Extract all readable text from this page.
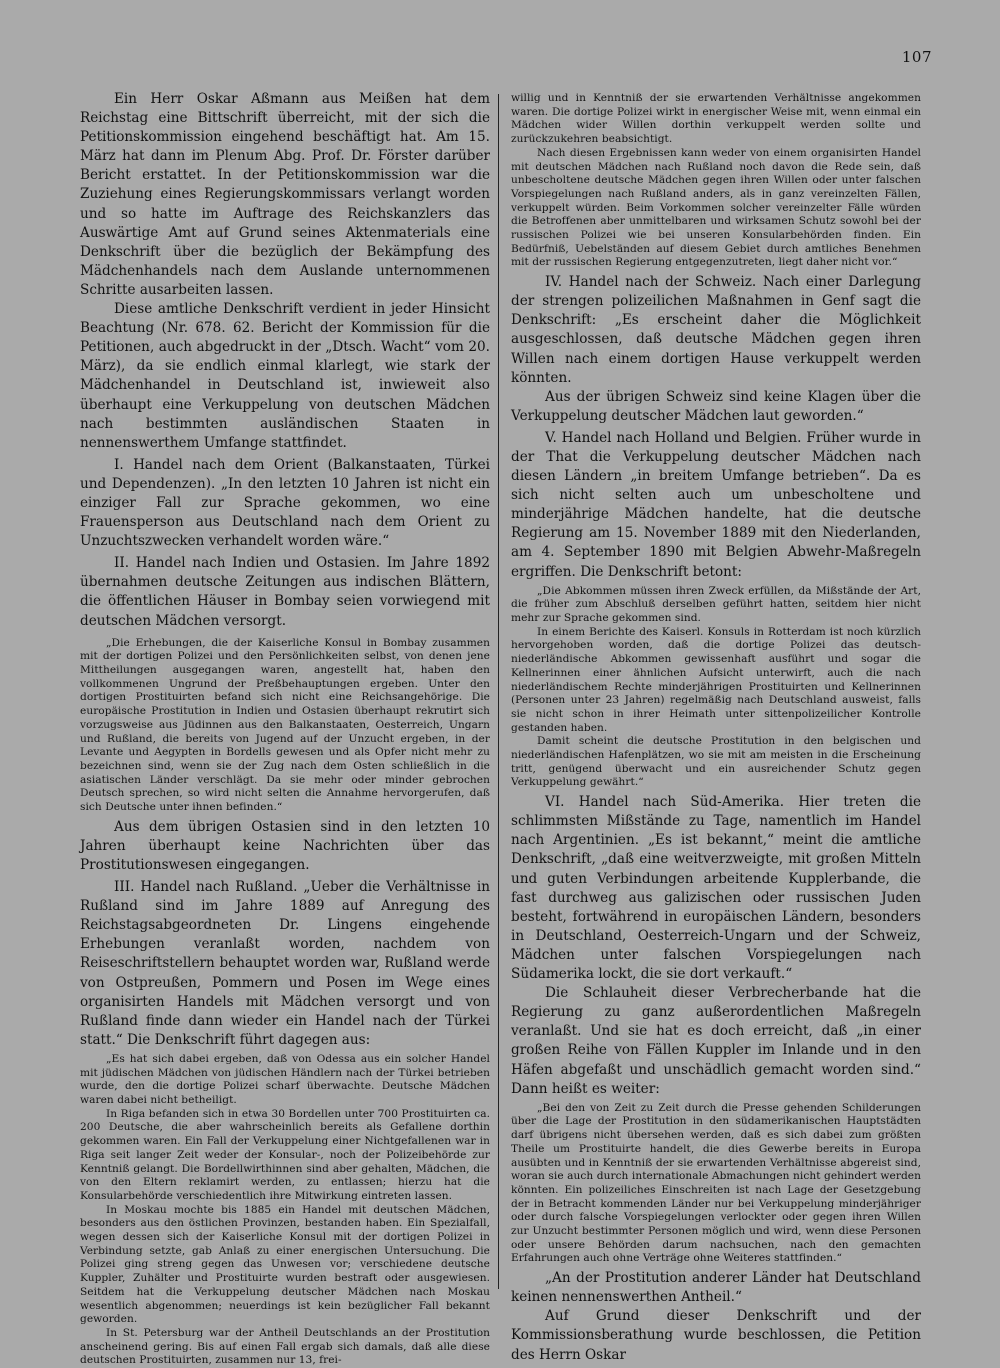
107

Ein Herr Oskar Aßmann aus Meißen hat dem Reichstag eine Bittschrift überreicht, mit der sich die Petitionskommission eingehend beschäftigt hat. Am 15. März hat dann im Plenum Abg. Prof. Dr. Förster darüber Bericht erstattet. In der Petitionskommission war die Zuziehung eines Regierungskommissars verlangt worden und so hatte im Auftrage des Reichskanzlers das Auswärtige Amt auf Grund seines Aktenmaterials eine Denkschrift über die bezüglich der Bekämpfung des Mädchenhandels nach dem Auslande unternommenen Schritte ausarbeiten lassen.

Diese amtliche Denkschrift verdient in jeder Hinsicht Beachtung (Nr. 678. 62. Bericht der Kommission für die Petitionen, auch abgedruckt in der „Dtsch. Wacht“ vom 20. März), da sie endlich einmal klarlegt, wie stark der Mädchenhandel in Deutschland ist, inwieweit also überhaupt eine Verkuppelung von deutschen Mädchen nach bestimmten ausländischen Staaten in nennenswerthem Umfange stattfindet.

I. Handel nach dem Orient (Balkanstaaten, Türkei und Dependenzen). „In den letzten 10 Jahren ist nicht ein einziger Fall zur Sprache gekommen, wo eine Frauensperson aus Deutschland nach dem Orient zu Unzuchtszwecken verhandelt worden wäre.“

II. Handel nach Indien und Ostasien. Im Jahre 1892 übernahmen deutsche Zeitungen aus indischen Blättern, die öffentlichen Häuser in Bombay seien vorwiegend mit deutschen Mädchen versorgt.

„Die Erhebungen, die der Kaiserliche Konsul in Bombay zusammen mit der dortigen Polizei und den Persönlichkeiten selbst, von denen jene Mittheilungen ausgegangen waren, angestellt hat, haben den vollkommenen Ungrund der Preßbehauptungen ergeben. Unter den dortigen Prostituirten befand sich nicht eine Reichsangehörige. Die europäische Prostitution in Indien und Ostasien überhaupt rekrutirt sich vorzugsweise aus Jüdinnen aus den Balkanstaaten, Oesterreich, Ungarn und Rußland, die bereits von Jugend auf der Unzucht ergeben, in der Levante und Aegypten in Bordells gewesen und als Opfer nicht mehr zu bezeichnen sind, wenn sie der Zug nach dem Osten schließlich in die asiatischen Länder verschlägt. Da sie mehr oder minder gebrochen Deutsch sprechen, so wird nicht selten die Annahme hervorgerufen, daß sich Deutsche unter ihnen befinden.“

Aus dem übrigen Ostasien sind in den letzten 10 Jahren überhaupt keine Nachrichten über das Prostitutionswesen eingegangen.

III. Handel nach Rußland. „Ueber die Verhältnisse in Rußland sind im Jahre 1889 auf Anregung des Reichstagsabgeordneten Dr. Lingens eingehende Erhebungen veranlaßt worden, nachdem von Reiseschriftstellern behauptet worden war, Rußland werde von Ostpreußen, Pommern und Posen im Wege eines organisirten Handels mit Mädchen versorgt und von Rußland finde dann wieder ein Handel nach der Türkei statt.“ Die Denkschrift führt dagegen aus:

„Es hat sich dabei ergeben, daß von Odessa aus ein solcher Handel mit jüdischen Mädchen von jüdischen Händlern nach der Türkei betrieben wurde, den die dortige Polizei scharf überwachte. Deutsche Mädchen waren dabei nicht betheiligt.

In Riga befanden sich in etwa 30 Bordellen unter 700 Prostituirten ca. 200 Deutsche, die aber wahrscheinlich bereits als Gefallene dorthin gekommen waren. Ein Fall der Verkuppelung einer Nichtgefallenen war in Riga seit langer Zeit weder der Konsular-, noch der Polizeibehörde zur Kenntniß gelangt. Die Bordellwirthinnen sind aber gehalten, Mädchen, die von den Eltern reklamirt werden, zu entlassen; hierzu hat die Konsularbehörde verschiedentlich ihre Mitwirkung eintreten lassen.

In Moskau mochte bis 1885 ein Handel mit deutschen Mädchen, besonders aus den östlichen Provinzen, bestanden haben. Ein Spezialfall, wegen dessen sich der Kaiserliche Konsul mit der dortigen Polizei in Verbindung setzte, gab Anlaß zu einer energischen Untersuchung. Die Polizei ging streng gegen das Unwesen vor; verschiedene deutsche Kuppler, Zuhälter und Prostituirte wurden bestraft oder ausgewiesen. Seitdem hat die Verkuppelung deutscher Mädchen nach Moskau wesentlich abgenommen; neuerdings ist kein bezüglicher Fall bekannt geworden.

In St. Petersburg war der Antheil Deutschlands an der Prostitution anscheinend gering. Bis auf einen Fall ergab sich damals, daß alle diese deutschen Prostituirten, zusammen nur 13, frei-

willig und in Kenntniß der sie erwartenden Verhältnisse angekommen waren. Die dortige Polizei wirkt in energischer Weise mit, wenn einmal ein Mädchen wider Willen dorthin verkuppelt werden sollte und zurückzukehren beabsichtigt.

Nach diesen Ergebnissen kann weder von einem organisirten Handel mit deutschen Mädchen nach Rußland noch davon die Rede sein, daß unbescholtene deutsche Mädchen gegen ihren Willen oder unter falschen Vorspiegelungen nach Rußland anders, als in ganz vereinzelten Fällen, verkuppelt würden. Beim Vorkommen solcher vereinzelter Fälle würden die Betroffenen aber unmittelbaren und wirksamen Schutz sowohl bei der russischen Polizei wie bei unseren Konsularbehörden finden. Ein Bedürfniß, Uebelständen auf diesem Gebiet durch amtliches Benehmen mit der russischen Regierung entgegenzutreten, liegt daher nicht vor.“

IV. Handel nach der Schweiz. Nach einer Darlegung der strengen polizeilichen Maßnahmen in Genf sagt die Denkschrift: „Es erscheint daher die Möglichkeit ausgeschlossen, daß deutsche Mädchen gegen ihren Willen nach einem dortigen Hause verkuppelt werden könnten.

Aus der übrigen Schweiz sind keine Klagen über die Verkuppelung deutscher Mädchen laut geworden.“

V. Handel nach Holland und Belgien. Früher wurde in der That die Verkuppelung deutscher Mädchen nach diesen Ländern „in breitem Umfange betrieben“. Da es sich nicht selten auch um unbescholtene und minderjährige Mädchen handelte, hat die deutsche Regierung am 15. November 1889 mit den Niederlanden, am 4. September 1890 mit Belgien Abwehr-Maßregeln ergriffen. Die Denkschrift betont:

„Die Abkommen müssen ihren Zweck erfüllen, da Mißstände der Art, die früher zum Abschluß derselben geführt hatten, seitdem hier nicht mehr zur Sprache gekommen sind.

In einem Berichte des Kaiserl. Konsuls in Rotterdam ist noch kürzlich hervorgehoben worden, daß die dortige Polizei das deutsch-niederländische Abkommen gewissenhaft ausführt und sogar die Kellnerinnen einer ähnlichen Aufsicht unterwirft, auch die nach niederländischem Rechte minderjährigen Prostituirten und Kellnerinnen (Personen unter 23 Jahren) regelmäßig nach Deutschland ausweist, falls sie nicht schon in ihrer Heimath unter sittenpolizeilicher Kontrolle gestanden haben.

Damit scheint die deutsche Prostitution in den belgischen und niederländischen Hafenplätzen, wo sie mit am meisten in die Erscheinung tritt, genügend überwacht und ein ausreichender Schutz gegen Verkuppelung gewährt.“

VI. Handel nach Süd-Amerika. Hier treten die schlimmsten Mißstände zu Tage, namentlich im Handel nach Argentinien. „Es ist bekannt,“ meint die amtliche Denkschrift, „daß eine weitverzweigte, mit großen Mitteln und guten Verbindungen arbeitende Kupplerbande, die fast durchweg aus galizischen oder russischen Juden besteht, fortwährend in europäischen Ländern, besonders in Deutschland, Oesterreich-Ungarn und der Schweiz, Mädchen unter falschen Vorspiegelungen nach Südamerika lockt, die sie dort verkauft.“

Die Schlauheit dieser Verbrecherbande hat die Regierung zu ganz außerordentlichen Maßregeln veranlaßt. Und sie hat es doch erreicht, daß „in einer großen Reihe von Fällen Kuppler im Inlande und in den Häfen abgefaßt und unschädlich gemacht worden sind.“ Dann heißt es weiter:

„Bei den von Zeit zu Zeit durch die Presse gehenden Schilderungen über die Lage der Prostitution in den südamerikanischen Hauptstädten darf übrigens nicht übersehen werden, daß es sich dabei zum größten Theile um Prostituirte handelt, die dies Gewerbe bereits in Europa ausübten und in Kenntniß der sie erwartenden Verhältnisse abgereist sind, woran sie auch durch internationale Abmachungen nicht gehindert werden könnten. Ein polizeiliches Einschreiten ist nach Lage der Gesetzgebung der in Betracht kommenden Länder nur bei Verkuppelung minderjähriger oder durch falsche Vorspiegelungen verlockter oder gegen ihren Willen zur Unzucht bestimmter Personen möglich und wird, wenn diese Personen oder unsere Behörden darum nachsuchen, nach den gemachten Erfahrungen auch ohne Verträge ohne Weiteres stattfinden.“

„An der Prostitution anderer Länder hat Deutschland keinen nennenswerthen Antheil.“

Auf Grund dieser Denkschrift und der Kommissionsberathung wurde beschlossen, die Petition des Herrn Oskar
